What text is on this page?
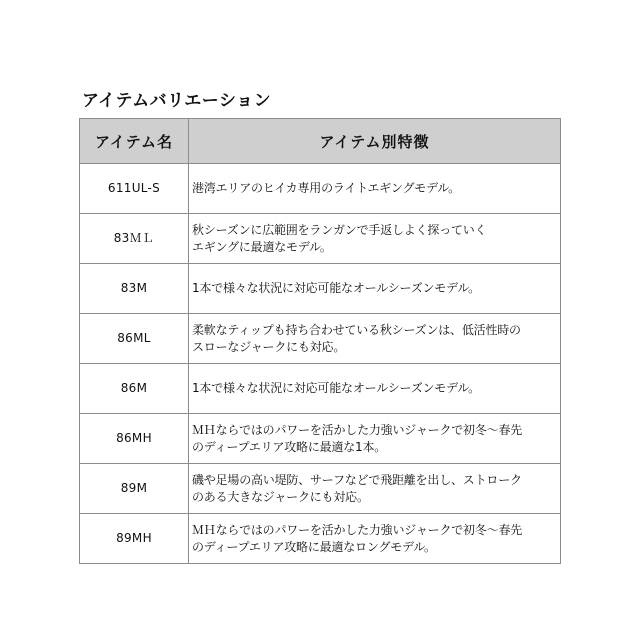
アイテムバリエーション
アイテム名	アイテム別特徴
611UL-S	港湾エリアのヒイカ専用のライトエギングモデル。
83ＭＬ	秋シーズンに広範囲をランガンで手返しよく探っていく
エギングに最適なモデル。
83M	1本で様々な状況に対応可能なオールシーズンモデル。
86ML	柔軟なティップも持ち合わせている秋シーズンは、低活性時の
スローなジャークにも対応。
86M	1本で様々な状況に対応可能なオールシーズンモデル。
86MH	ＭＨならではのパワーを活かした力強いジャークで初冬～春先
のディープエリア攻略に最適な1本。
89M	磯や足場の高い堤防、サーフなどで飛距離を出し、ストローク
のある大きなジャークにも対応。
89MH	ＭＨならではのパワーを活かした力強いジャークで初冬～春先
のディープエリア攻略に最適なロングモデル。
